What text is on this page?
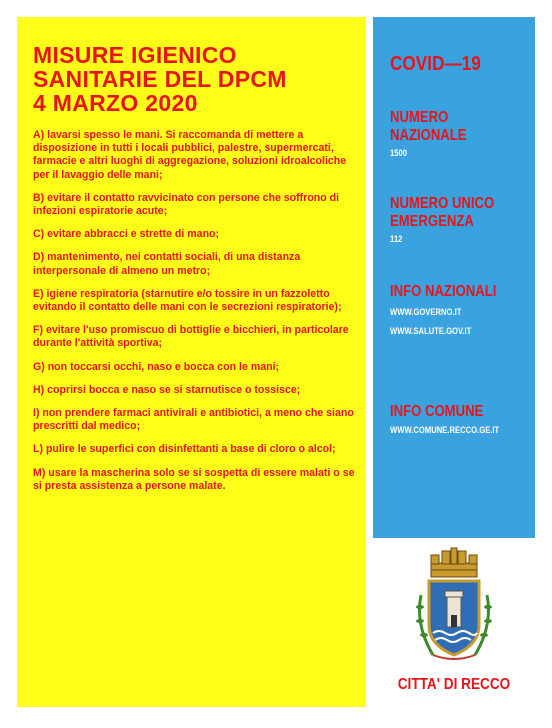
MISURE IGIENICO
SANITARIE DEL DPCM
4 MARZO 2020

A) lavarsi spesso le mani. Si raccomanda di mettere a disposizione in tutti i locali pubblici, palestre, supermercati, farmacie e altri luoghi di aggregazione, soluzioni idroalcoliche per il lavaggio delle mani;

B) evitare il contatto ravvicinato con persone che soffrono di infezioni espiratorie acute;

C) evitare abbracci e strette di mano;

D) mantenimento, nei contatti sociali, di una distanza interpersonale di almeno un metro;

E) igiene respiratoria (starnutire e/o tossire in un fazzoletto evitando il contatto delle mani con le secrezioni respiratorie);

F) evitare l'uso promiscuo di bottiglie e bicchieri, in particolare durante l'attività sportiva;

G) non toccarsi occhi, naso e bocca con le mani;

H) coprirsi bocca e naso se si starnutisce o tossisce;

I) non prendere farmaci antivirali e antibiotici, a meno che siano prescritti dal medico;

L) pulire le superfici con disinfettanti a base di cloro o alcol;

M) usare la mascherina solo se si sospetta di essere malati o se si presta assistenza a persone malate.

COVID—19

NUMERO

NAZIONALE

1500

NUMERO UNICO

EMERGENZA

112

INFO NAZIONALI

WWW.GOVERNO.IT

WWW.SALUTE.GOV.IT

INFO COMUNE

WWW.COMUNE.RECCO.GE.IT

CITTA' DI RECCO
